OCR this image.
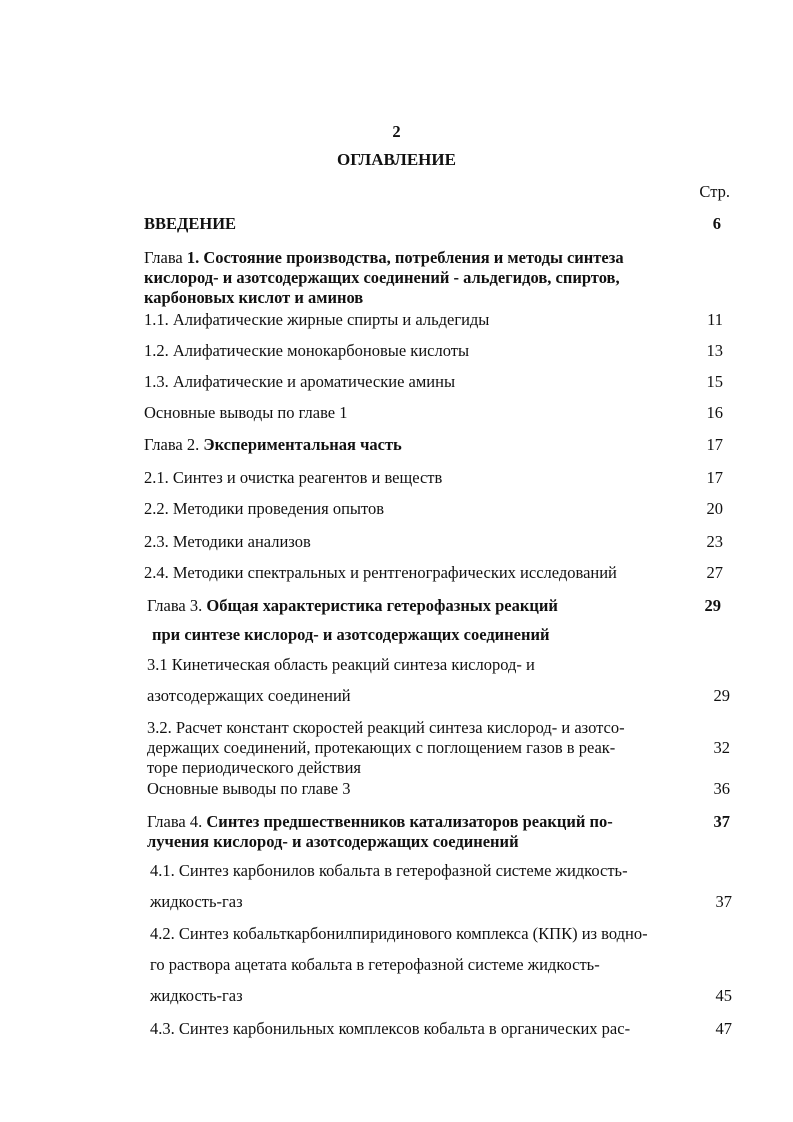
2
ОГЛАВЛЕНИЕ
Стр.
ВВЕДЕНИЕ	6
Глава 1. Состояние производства, потребления и методы синтеза
кислород- и азотсодержащих соединений - альдегидов, спиртов,
карбоновых кислот и аминов
1.1. Алифатические жирные спирты и альдегиды	11
1.2. Алифатические монокарбоновые кислоты	13
1.3. Алифатические и ароматические амины	15
Основные выводы по главе 1	16
Глава 2. Экспериментальная часть	17
2.1. Синтез и очистка реагентов и веществ	17
2.2. Методики проведения опытов	20
2.3. Методики анализов	23
2.4. Методики спектральных и рентгенографических исследований	27
Глава 3. Общая характеристика гетерофазных реакций	29
при синтезе кислород- и азотсодержащих соединений
3.1 Кинетическая область реакций синтеза кислород- и
азотсодержащих соединений	29
3.2. Расчет констант скоростей реакций синтеза кислород- и азотсо-
держащих соединений, протекающих с поглощением газов в реак-	32
торе периодического действия
Основные выводы по главе 3	36
Глава 4. Синтез предшественников катализаторов реакций по-	37
лучения кислород- и азотсодержащих соединений
4.1. Синтез карбонилов кобальта в гетерофазной системе жидкость-
жидкость-газ	37
4.2. Синтез кобальткарбонилпиридинового комплекса (КПК) из водно-
го раствора ацетата кобальта в гетерофазной системе жидкость-
жидкость-газ	45
4.3. Синтез карбонильных комплексов кобальта в органических рас-	47
